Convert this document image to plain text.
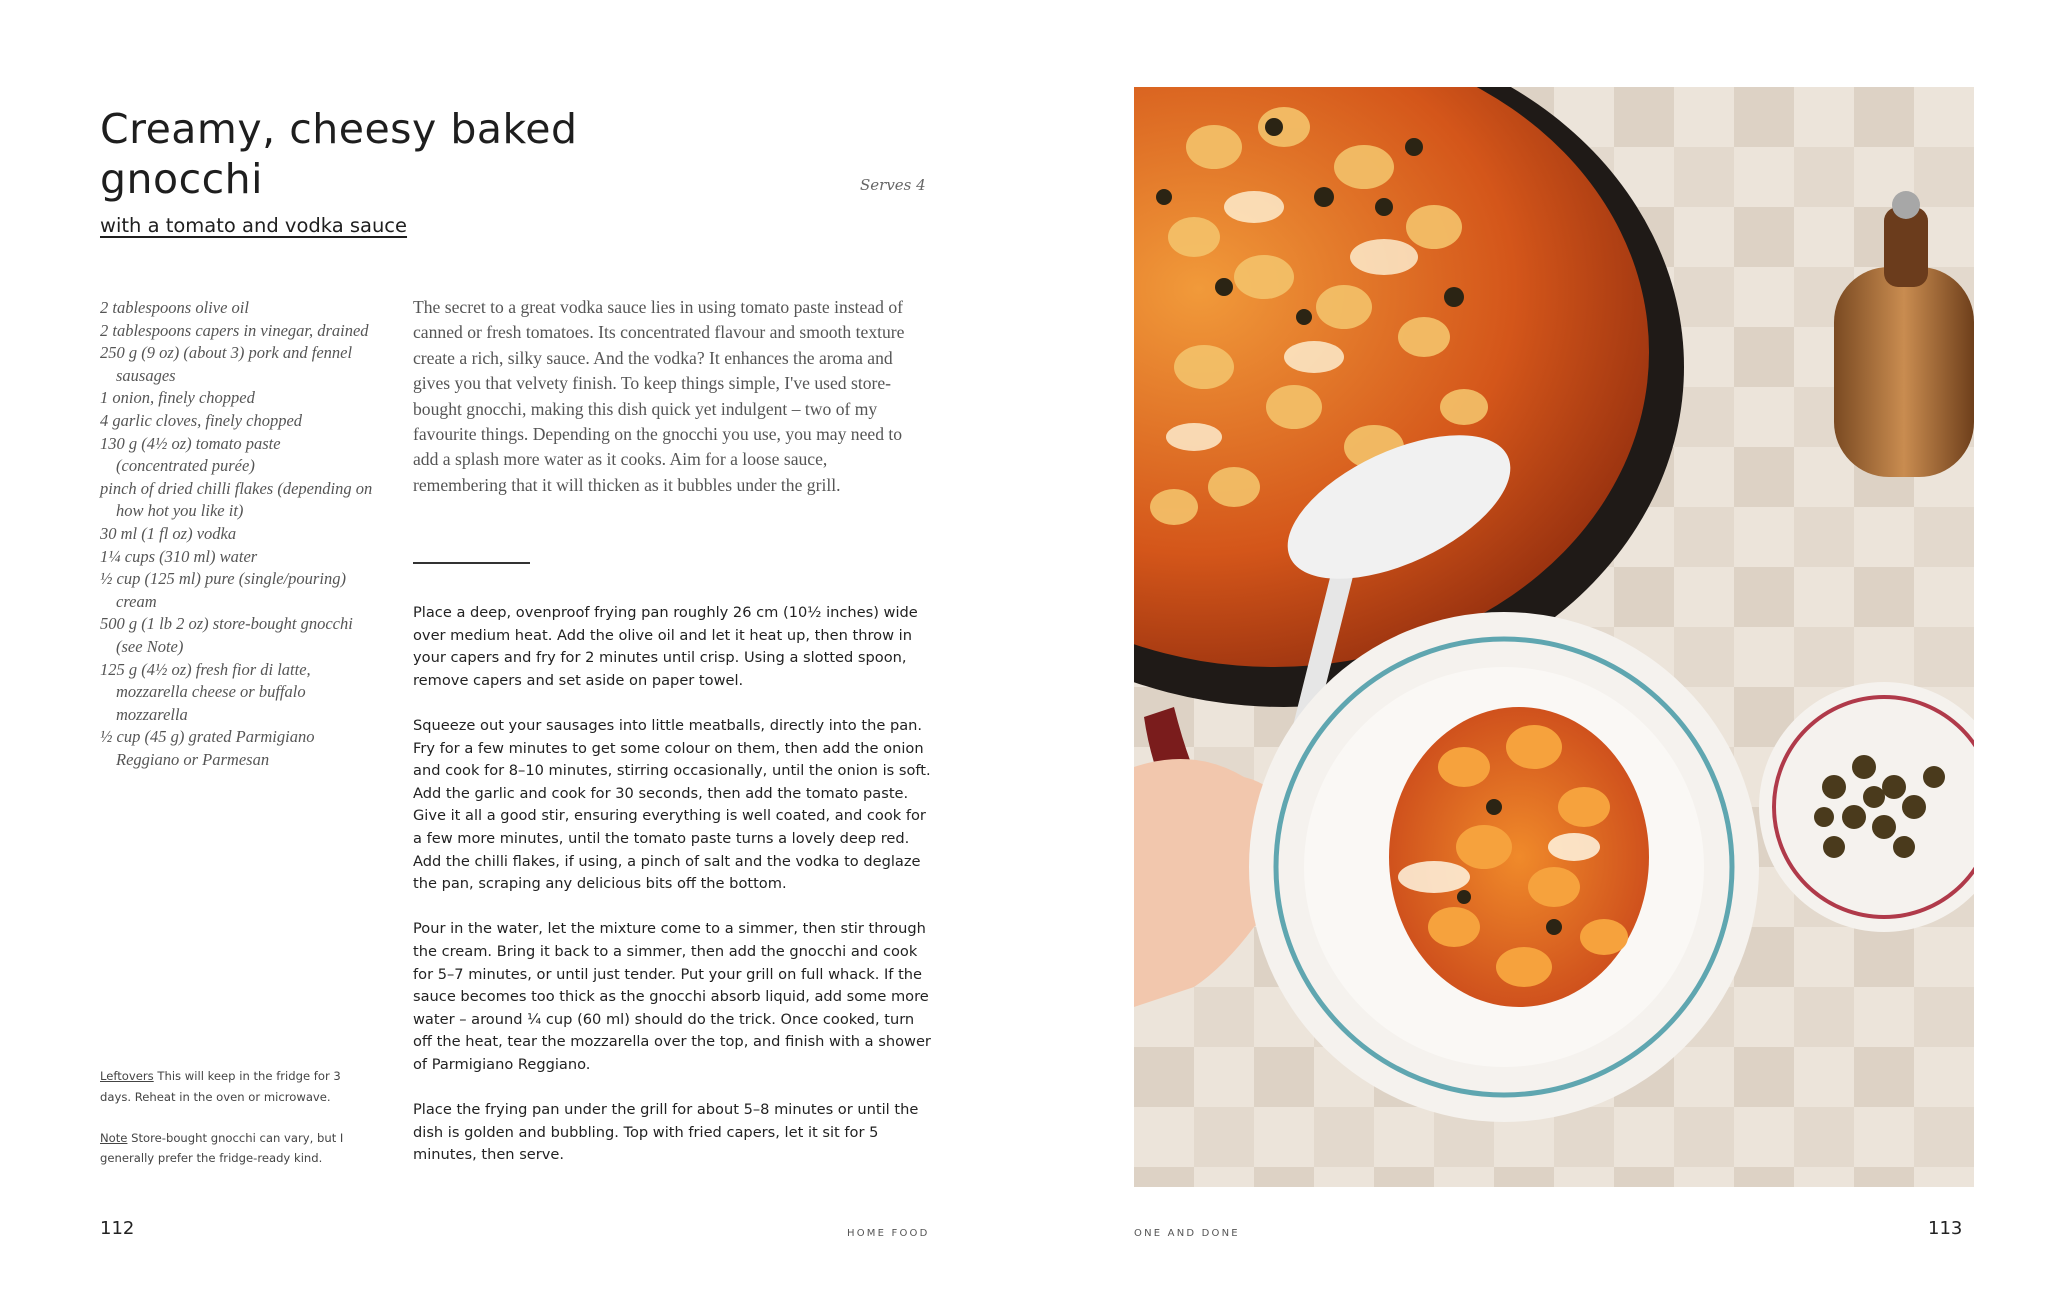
Creamy, cheesy baked gnocchi
with a tomato and vodka sauce
Serves 4
2 tablespoons olive oil
2 tablespoons capers in vinegar, drained
250 g (9 oz) (about 3) pork and fennel sausages
1 onion, finely chopped
4 garlic cloves, finely chopped
130 g (4½ oz) tomato paste (concentrated purée)
pinch of dried chilli flakes (depending on how hot you like it)
30 ml (1 fl oz) vodka
1¼ cups (310 ml) water
½ cup (125 ml) pure (single/pouring) cream
500 g (1 lb 2 oz) store-bought gnocchi (see Note)
125 g (4½ oz) fresh fior di latte, mozzarella cheese or buffalo mozzarella
½ cup (45 g) grated Parmigiano Reggiano or Parmesan

The secret to a great vodka sauce lies in using tomato paste instead of canned or fresh tomatoes. Its concentrated flavour and smooth texture create a rich, silky sauce. And the vodka? It enhances the aroma and gives you that velvety finish. To keep things simple, I've used store-bought gnocchi, making this dish quick yet indulgent – two of my favourite things. Depending on the gnocchi you use, you may need to add a splash more water as it cooks. Aim for a loose sauce, remembering that it will thicken as it bubbles under the grill.

Place a deep, ovenproof frying pan roughly 26 cm (10½ inches) wide over medium heat. Add the olive oil and let it heat up, then throw in your capers and fry for 2 minutes until crisp. Using a slotted spoon, remove capers and set aside on paper towel.

Squeeze out your sausages into little meatballs, directly into the pan. Fry for a few minutes to get some colour on them, then add the onion and cook for 8–10 minutes, stirring occasionally, until the onion is soft. Add the garlic and cook for 30 seconds, then add the tomato paste. Give it all a good stir, ensuring everything is well coated, and cook for a few more minutes, until the tomato paste turns a lovely deep red. Add the chilli flakes, if using, a pinch of salt and the vodka to deglaze the pan, scraping any delicious bits off the bottom.

Pour in the water, let the mixture come to a simmer, then stir through the cream. Bring it back to a simmer, then add the gnocchi and cook for 5–7 minutes, or until just tender. Put your grill on full whack. If the sauce becomes too thick as the gnocchi absorb liquid, add some more water – around ¼ cup (60 ml) should do the trick. Once cooked, turn off the heat, tear the mozzarella over the top, and finish with a shower of Parmigiano Reggiano.

Place the frying pan under the grill for about 5–8 minutes or until the dish is golden and bubbling. Top with fried capers, let it sit for 5 minutes, then serve.

Leftovers This will keep in the fridge for 3 days. Reheat in the oven or microwave.

Note Store-bought gnocchi can vary, but I generally prefer the fridge-ready kind.

112	HOME FOOD	ONE AND DONE	113
